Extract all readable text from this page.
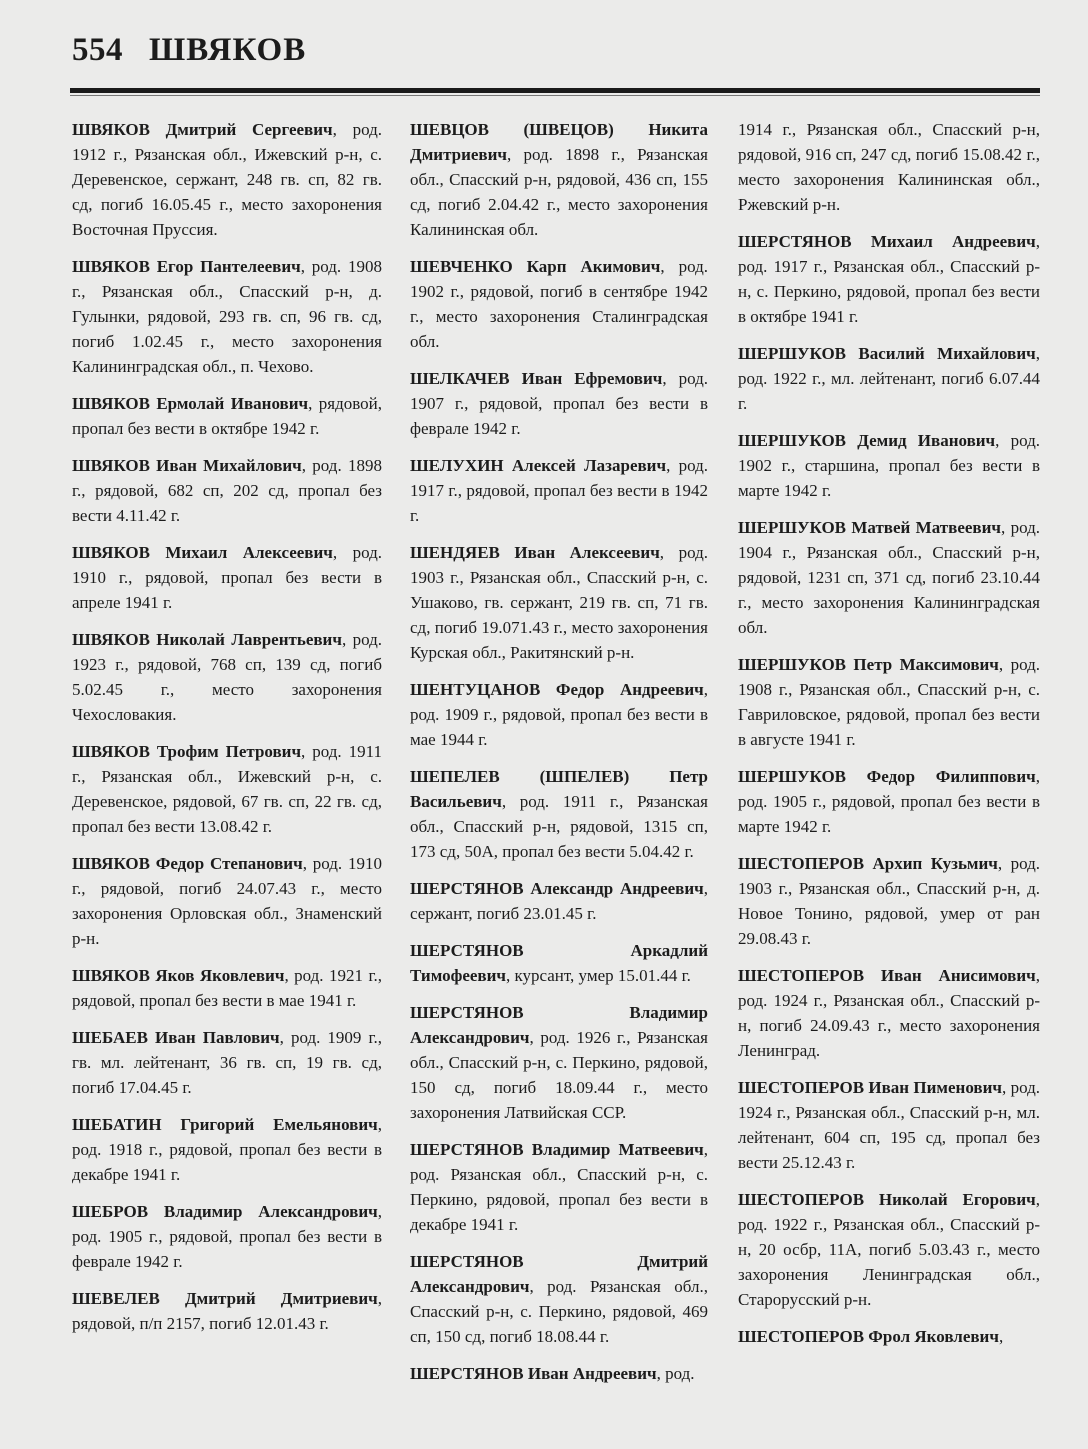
554 ШВЯКОВ

ШВЯКОВ Дмитрий Сергеевич, род. 1912 г., Рязанская обл., Ижевский р-н, с. Деревенское, сержант, 248 гв. сп, 82 гв. сд, погиб 16.05.45 г., место захоронения Восточная Пруссия.

ШВЯКОВ Егор Пантелеевич, род. 1908 г., Рязанская обл., Спасский р-н, д. Гулынки, рядовой, 293 гв. сп, 96 гв. сд, погиб 1.02.45 г., место захоронения Калининградская обл., п. Чехово.

ШВЯКОВ Ермолай Иванович, рядовой, пропал без вести в октябре 1942 г.

ШВЯКОВ Иван Михайлович, род. 1898 г., рядовой, 682 сп, 202 сд, пропал без вести 4.11.42 г.

ШВЯКОВ Михаил Алексеевич, род. 1910 г., рядовой, пропал без вести в апреле 1941 г.

ШВЯКОВ Николай Лаврентьевич, род. 1923 г., рядовой, 768 сп, 139 сд, погиб 5.02.45 г., место захоронения Чехословакия.

ШВЯКОВ Трофим Петрович, род. 1911 г., Рязанская обл., Ижевский р-н, с. Деревенское, рядовой, 67 гв. сп, 22 гв. сд, пропал без вести 13.08.42 г.

ШВЯКОВ Федор Степанович, род. 1910 г., рядовой, погиб 24.07.43 г., место захоронения Орловская обл., Знаменский р-н.

ШВЯКОВ Яков Яковлевич, род. 1921 г., рядовой, пропал без вести в мае 1941 г.

ШЕБАЕВ Иван Павлович, род. 1909 г., гв. мл. лейтенант, 36 гв. сп, 19 гв. сд, погиб 17.04.45 г.

ШЕБАТИН Григорий Емельянович, род. 1918 г., рядовой, пропал без вести в декабре 1941 г.

ШЕБРОВ Владимир Александрович, род. 1905 г., рядовой, пропал без вести в феврале 1942 г.

ШЕВЕЛЕВ Дмитрий Дмитриевич, рядовой, п/п 2157, погиб 12.01.43 г.

ШЕВЦОВ (ШВЕЦОВ) Никита Дмитриевич, род. 1898 г., Рязанская обл., Спасский р-н, рядовой, 436 сп, 155 сд, погиб 2.04.42 г., место захоронения Калининская обл.

ШЕВЧЕНКО Карп Акимович, род. 1902 г., рядовой, погиб в сентябре 1942 г., место захоронения Сталинградская обл.

ШЕЛКАЧЕВ Иван Ефремович, род. 1907 г., рядовой, пропал без вести в феврале 1942 г.

ШЕЛУХИН Алексей Лазаревич, род. 1917 г., рядовой, пропал без вести в 1942 г.

ШЕНДЯЕВ Иван Алексеевич, род. 1903 г., Рязанская обл., Спасский р-н, с. Ушаково, гв. сержант, 219 гв. сп, 71 гв. сд, погиб 19.071.43 г., место захоронения Курская обл., Ракитянский р-н.

ШЕНТУЦАНОВ Федор Андреевич, род. 1909 г., рядовой, пропал без вести в мае 1944 г.

ШЕПЕЛЕВ (ШПЕЛЕВ) Петр Васильевич, род. 1911 г., Рязанская обл., Спасский р-н, рядовой, 1315 сп, 173 сд, 50А, пропал без вести 5.04.42 г.

ШЕРСТЯНОВ Александр Андреевич, сержант, погиб 23.01.45 г.

ШЕРСТЯНОВ Аркадлий Тимофеевич, курсант, умер 15.01.44 г.

ШЕРСТЯНОВ Владимир Александрович, род. 1926 г., Рязанская обл., Спасский р-н, с. Перкино, рядовой, 150 сд, погиб 18.09.44 г., место захоронения Латвийская ССР.

ШЕРСТЯНОВ Владимир Матвеевич, род. Рязанская обл., Спасский р-н, с. Перкино, рядовой, пропал без вести в декабре 1941 г.

ШЕРСТЯНОВ Дмитрий Александрович, род. Рязанская обл., Спасский р-н, с. Перкино, рядовой, 469 сп, 150 сд, погиб 18.08.44 г.

ШЕРСТЯНОВ Иван Андреевич, род.

1914 г., Рязанская обл., Спасский р-н, рядовой, 916 сп, 247 сд, погиб 15.08.42 г., место захоронения Калининская обл., Ржевский р-н.

ШЕРСТЯНОВ Михаил Андреевич, род. 1917 г., Рязанская обл., Спасский р-н, с. Перкино, рядовой, пропал без вести в октябре 1941 г.

ШЕРШУКОВ Василий Михайлович, род. 1922 г., мл. лейтенант, погиб 6.07.44 г.

ШЕРШУКОВ Демид Иванович, род. 1902 г., старшина, пропал без вести в марте 1942 г.

ШЕРШУКОВ Матвей Матвеевич, род. 1904 г., Рязанская обл., Спасский р-н, рядовой, 1231 сп, 371 сд, погиб 23.10.44 г., место захоронения Калининградская обл.

ШЕРШУКОВ Петр Максимович, род. 1908 г., Рязанская обл., Спасский р-н, с. Гавриловское, рядовой, пропал без вести в августе 1941 г.

ШЕРШУКОВ Федор Филиппович, род. 1905 г., рядовой, пропал без вести в марте 1942 г.

ШЕСТОПЕРОВ Архип Кузьмич, род. 1903 г., Рязанская обл., Спасский р-н, д. Новое Тонино, рядовой, умер от ран 29.08.43 г.

ШЕСТОПЕРОВ Иван Анисимович, род. 1924 г., Рязанская обл., Спасский р-н, погиб 24.09.43 г., место захоронения Ленинград.

ШЕСТОПЕРОВ Иван Пименович, род. 1924 г., Рязанская обл., Спасский р-н, мл. лейтенант, 604 сп, 195 сд, пропал без вести 25.12.43 г.

ШЕСТОПЕРОВ Николай Егорович, род. 1922 г., Рязанская обл., Спасский р-н, 20 осбр, 11А, погиб 5.03.43 г., место захоронения Ленинградская обл., Старорусский р-н.

ШЕСТОПЕРОВ Фрол Яковлевич,
